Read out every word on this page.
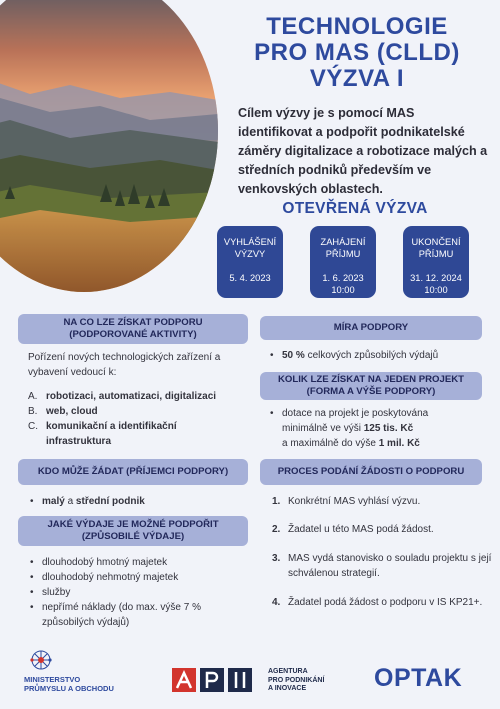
TECHNOLOGIE
PRO MAS (CLLD)
VÝZVA I
Cílem výzvy je s pomocí MAS identifikovat a podpořit podnikatelské záměry digitalizace a robotizace malých a středních podniků především ve venkovských oblastech.
OTEVŘENÁ VÝZVA
VYHLÁŠENÍ
VÝZVY
5. 4. 2023
ZAHÁJENÍ
PŘÍJMU
1. 6. 2023
10:00
UKONČENÍ
PŘÍJMU
31. 12. 2024
10:00
NA CO LZE ZÍSKAT PODPORU
(PODPOROVANÉ AKTIVITY)
Pořízení nových technologických zařízení a vybavení vedoucí k:
A. robotizaci, automatizaci, digitalizaci
B. web, cloud
C. komunikační a identifikační infrastruktura
KDO MŮŽE ŽÁDAT (PŘÍJEMCI PODPORY)
• malý a střední podnik
JAKÉ VÝDAJE JE MOŽNÉ PODPOŘIT
(ZPŮSOBILÉ VÝDAJE)
• dlouhodobý hmotný majetek
• dlouhodobý nehmotný majetek
• služby
• nepřímé náklady (do max. výše 7 % způsobilých výdajů)
MÍRA PODPORY
• 50 % celkových způsobilých výdajů
KOLIK LZE ZÍSKAT NA JEDEN PROJEKT
(FORMA A VÝŠE PODPORY)
• dotace na projekt je poskytována
minimálně ve výši 125 tis. Kč
a maximálně do výše 1 mil. Kč
PROCES PODÁNÍ ŽÁDOSTI O PODPORU
1. Konkrétní MAS vyhlásí výzvu.
2. Žadatel u této MAS podá žádost.
3. MAS vydá stanovisko o souladu projektu s její schválenou strategií.
4. Žadatel podá žádost o podporu v IS KP21+.
MINISTERSTVO
PRŮMYSLU A OBCHODU
AGENTURA
PRO PODNIKÁNÍ
A INOVACE	OPTAK
